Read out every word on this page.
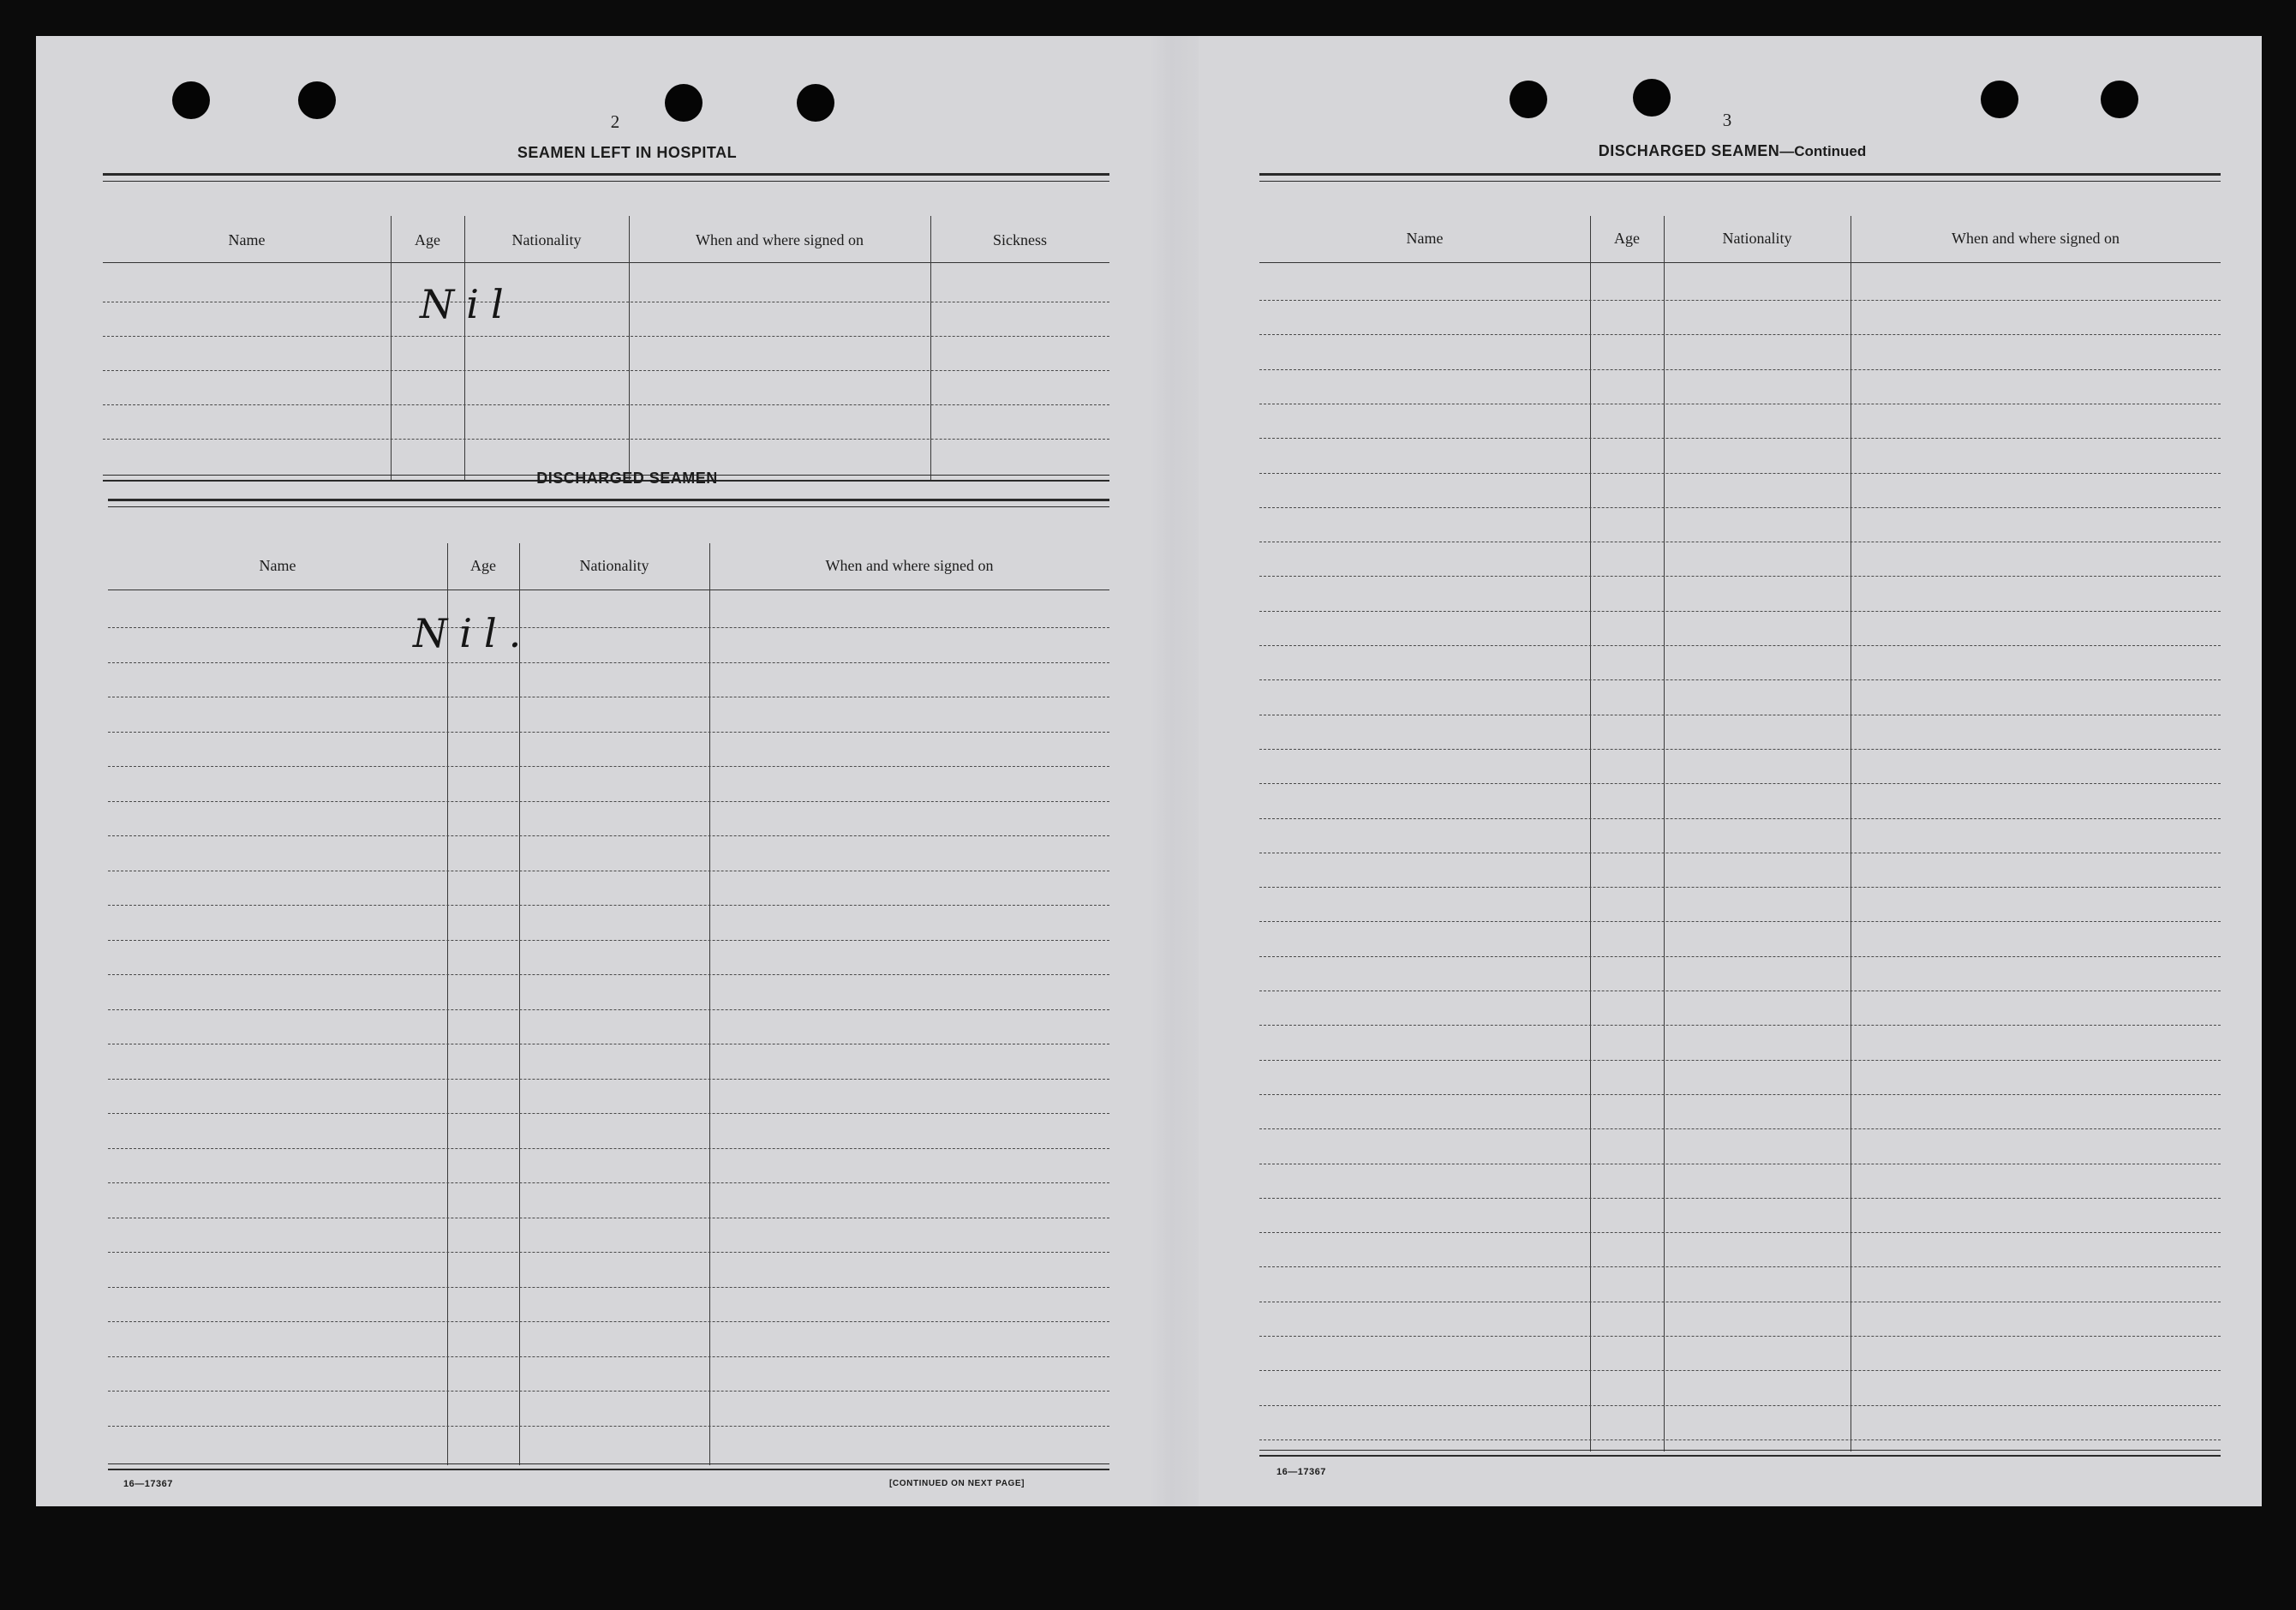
2
SEAMEN LEFT IN HOSPITAL
Name	Age	Nationality	When and where signed on	Sickness
Nil
DISCHARGED SEAMEN
Name	Age	Nationality	When and where signed on
Nil.
16—17367	[CONTINUED ON NEXT PAGE]
3
DISCHARGED SEAMEN—Continued
Name	Age	Nationality	When and where signed on
16—17367
